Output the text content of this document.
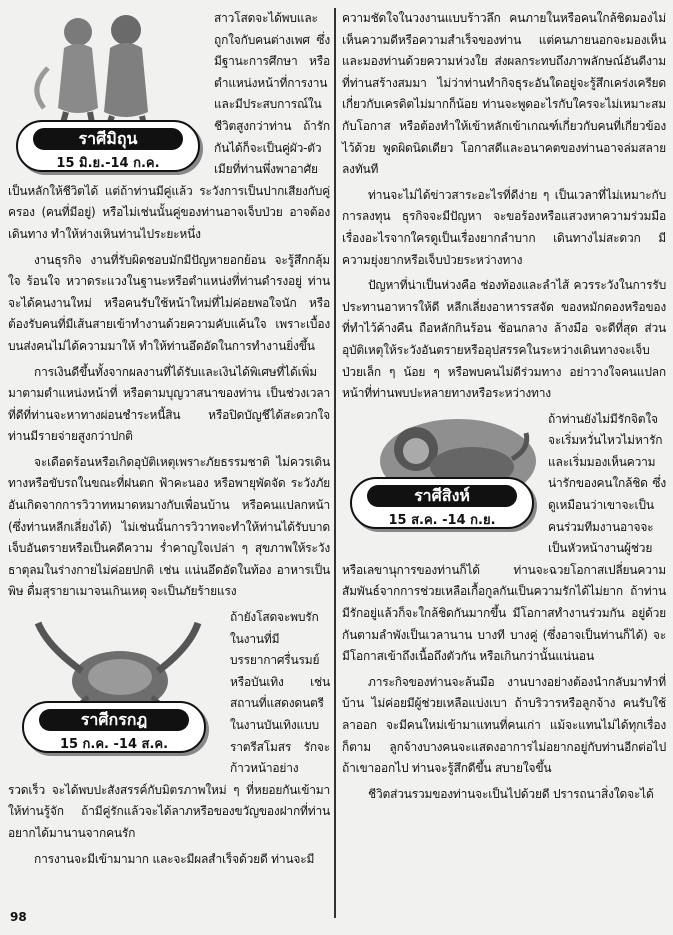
ราศีมิถุน
15 มิ.ย.-14 ก.ค.

สาวโสดจะได้พบและถูกใจกับคนต่างเพศ ซึ่งมีฐานะการศึกษา หรือตำแหน่งหน้าที่การงาน และมีประสบการณ์ในชีวิตสูงกว่าท่าน ถ้ารักกันได้ก็จะเป็นคู่ผัว-ตัวเมียที่ท่านพึ่งพาอาศัยเป็นหลักให้ชีวิตได้ แต่ถ้าท่านมีคู่แล้ว ระวังการเป็นปากเสียงกับคู่ครอง (คนที่มีอยู่) หรือไม่เช่นนั้นคู่ของท่านอาจเจ็บป่วย อาจต้องเดินทาง ทำให้ห่างเหินท่านไประยะหนึ่ง

งานธุรกิจ งานที่รับผิดชอบมักมีปัญหายอกย้อน จะรู้สึกกลุ้มใจ ร้อนใจ หวาดระแวงในฐานะหรือตำแหน่งที่ท่านดำรงอยู่ ท่านจะได้คนงานใหม่ หรือคนรับใช้หน้าใหม่ที่ไม่ค่อยพอใจนัก หรือต้องรับคนที่มีเส้นสายเข้าทำงานด้วยความคับแค้นใจ เพราะเบื้องบนส่งคนไม่ได้ความมาให้ ทำให้ท่านอึดอัดในการทำงานยิ่งขึ้น

การเงินดีขึ้นทั้งจากผลงานที่ได้รับและเงินได้พิเศษที่ได้เพิ่มมาตามตำแหน่งหน้าที่ หรือตามบุญวาสนาของท่าน เป็นช่วงเวลาที่ดีที่ท่านจะหาทางผ่อนชำระหนี้สิน หรือปิดบัญชีได้สะดวกใจ ท่านมีรายจ่ายสูงกว่าปกติ

จะเดือดร้อนหรือเกิดอุบัติเหตุเพราะภัยธรรมชาติ ไม่ควรเดินทางหรือขับรถในขณะที่ฝนตก ฟ้าคะนอง หรือพายุพัดจัด ระวังภัยอันเกิดจากการวิวาทหมาดหมางกับเพื่อนบ้าน หรือคนแปลกหน้า (ซึ่งท่านหลีกเลี่ยงได้) ไม่เช่นนั้นการวิวาทจะทำให้ท่านได้รับบาดเจ็บอันตรายหรือเป็นคดีความ ร่ำคาญใจเปล่า ๆ สุขภาพให้ระวังธาตุลมในร่างกายไม่ค่อยปกติ เช่น แน่นอึดอัดในท้อง อาหารเป็นพิษ ดื่มสุรายาเมาจนเกินเหตุ จะเป็นภัยร้ายแรง

ราศีกรกฎ
15 ก.ค. -14 ส.ค.

ถ้ายังโสดจะพบรักในงานที่มีบรรยากาศรื่นรมย์หรือบันเทิง เช่น สถานที่แสดงดนตรี ในงานบันเทิงแบบราตรีสโมสร รักจะก้าวหน้าอย่างรวดเร็ว จะได้พบปะสังสรรค์กับมิตรภาพใหม่ ๆ ที่หยอยกันเข้ามาให้ท่านรู้จัก ถ้ามีคู่รักแล้วจะได้ลาภหรือของขวัญของฝากที่ท่านอยากได้มานานจากคนรัก

การงานจะมีเข้ามามาก และจะมีผลสำเร็จด้วยดี ท่านจะมี

ความชัดใจในวงงานแบบร้าวลึก คนภายในหรือคนใกล้ชิดมองไม่เห็นความดีหรือความสำเร็จของท่าน แต่คนภายนอกจะมองเห็นและมองท่านด้วยความห่วงใย ส่งผลกระทบถึงภาพลักษณ์อันดีงามที่ท่านสร้างสมมา ไม่ว่าท่านทำกิจธุระอันใดอยู่จะรู้สึกเคร่งเครียดเกี่ยวกับเครดิตไม่มากก็น้อย ท่านจะพูดอะไรกับใครจะไม่เหมาะสมกับโอกาส หรือต้องทำให้เข้าหลักเข้าเกณฑ์เกี่ยวกับคนที่เกี่ยวข้องไว้ด้วย พูดผิดนิดเดียว โอกาสดีและอนาคตของท่านอาจล่มสลายลงทันที

ท่านจะไม่ได้ข่าวสาระอะไรที่ดีง่าย ๆ เป็นเวลาที่ไม่เหมาะกับการลงทุน ธุรกิจจะมีปัญหา จะขอร้องหรือแสวงหาความร่วมมือเรื่องอะไรจากใครดูเป็นเรื่องยากลำบาก เดินทางไม่สะดวก มีความยุ่งยากหรือเจ็บป่วยระหว่างทาง

ปัญหาที่น่าเป็นห่วงคือ ช่องท้องและลำไส้ ควรระวังในการรับประทานอาหารให้ดี หลีกเลี่ยงอาหารรสจัด ของหมักดองหรือของที่ทำไว้ค้างคืน ถือหลักกินร้อน ช้อนกลาง ล้างมือ จะดีที่สุด ส่วนอุบัติเหตุให้ระวังอันตรายหรืออุปสรรคในระหว่างเดินทางจะเจ็บป่วยเล็ก ๆ น้อย ๆ หรือพบคนไม่ดีร่วมทาง อย่าวางใจคนแปลกหน้าที่ท่านพบปะหลายทางหรือระหว่างทาง

ราศีสิงห์
15 ส.ค. -14 ก.ย.

ถ้าท่านยังไม่มีรักจิตใจจะเริ่มหวั่นไหวไม่หารัก และเริ่มมองเห็นความน่ารักของคนใกล้ชิด ซึ่งดูเหมือนว่าเขาจะเป็นคนร่วมทีมงานอาจจะเป็นหัวหน้างานผู้ช่วย หรือเลขานุการของท่านก็ได้ ท่านจะฉวยโอกาสเปลี่ยนความสัมพันธ์จากการช่วยเหลือเกื้อกูลกันเป็นความรักได้ไม่ยาก ถ้าท่านมีรักอยู่แล้วก็จะใกล้ชิดกันมากขึ้น มีโอกาสทำงานร่วมกัน อยู่ด้วยกันตามลำพังเป็นเวลานาน บางที บางคู่ (ซึ่งอาจเป็นท่านก็ได้) จะมีโอกาสเข้าถึงเนื้อถึงตัวกัน หรือเกินกว่านั้นแน่นอน

ภาระกิจของท่านจะล้นมือ งานบางอย่างต้องนำกลับมาทำที่บ้าน ไม่ค่อยมีผู้ช่วยเหลือแบ่งเบา ถ้าบริวารหรือลูกจ้าง คนรับใช้ลาออก จะมีคนใหม่เข้ามาแทนที่คนเก่า แม้จะแทนไม่ได้ทุกเรื่องก็ตาม ลูกจ้างบางคนจะแสดงอาการไม่อยากอยู่กับท่านอีกต่อไป ถ้าเขาออกไป ท่านจะรู้สึกดีขึ้น สบายใจขึ้น

ชีวิตส่วนรวมของท่านจะเป็นไปด้วยดี ปรารถนาสิ่งใดจะได้

98
